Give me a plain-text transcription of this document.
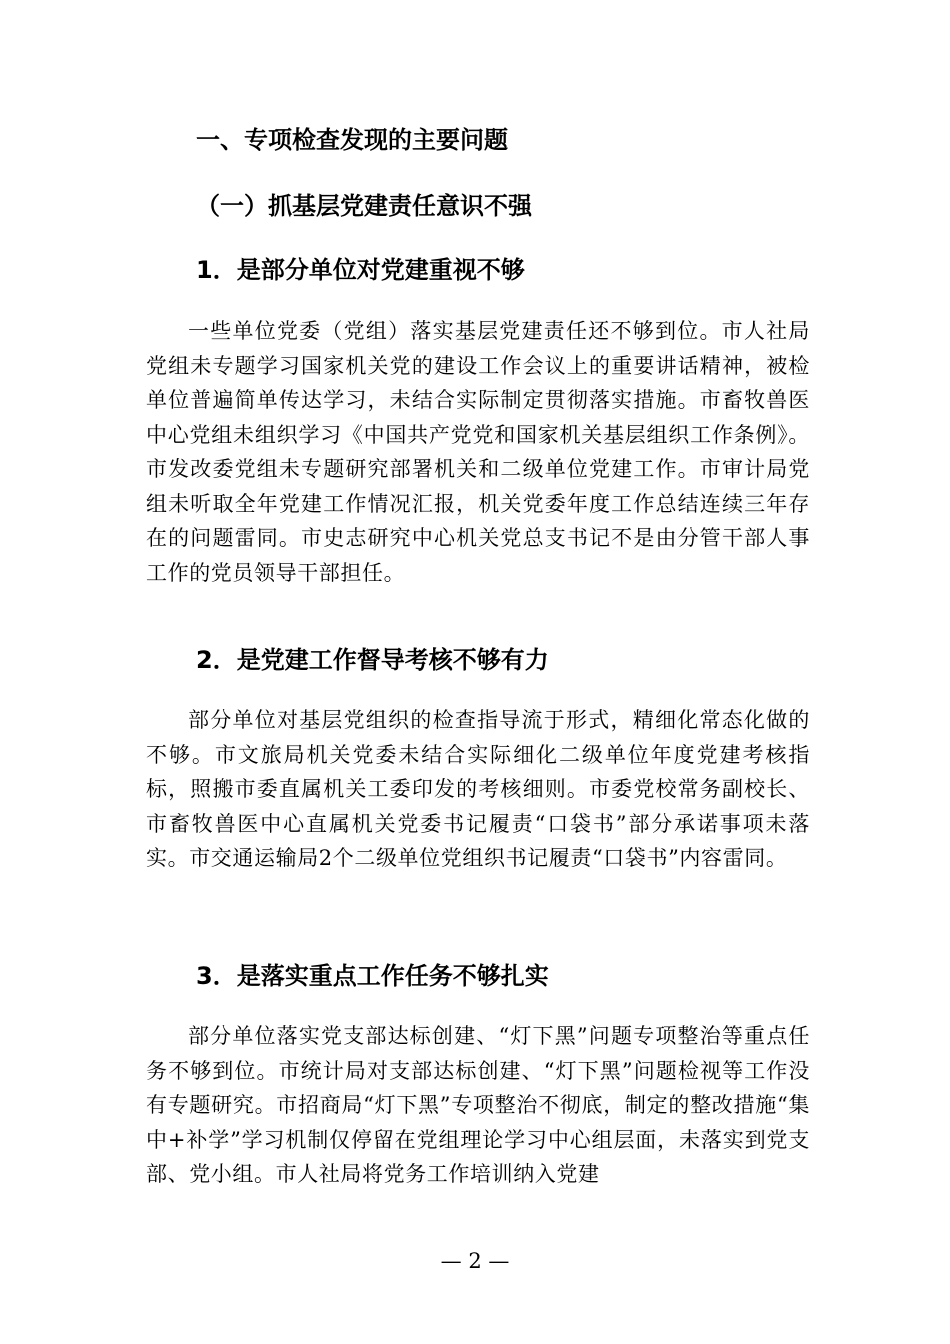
一、专项检查发现的主要问题
（一）抓基层党建责任意识不强
1．是部分单位对党建重视不够
一些单位党委（党组）落实基层党建责任还不够到位。市人社局党组未专题学习国家机关党的建设工作会议上的重要讲话精神，被检单位普遍简单传达学习，未结合实际制定贯彻落实措施。市畜牧兽医中心党组未组织学习《中国共产党党和国家机关基层组织工作条例》。市发改委党组未专题研究部署机关和二级单位党建工作。市审计局党组未听取全年党建工作情况汇报，机关党委年度工作总结连续三年存在的问题雷同。市史志研究中心机关党总支书记不是由分管干部人事工作的党员领导干部担任。
2．是党建工作督导考核不够有力
部分单位对基层党组织的检查指导流于形式，精细化常态化做的不够。市文旅局机关党委未结合实际细化二级单位年度党建考核指标，照搬市委直属机关工委印发的考核细则。市委党校常务副校长、市畜牧兽医中心直属机关党委书记履责“口袋书”部分承诺事项未落实。市交通运输局2个二级单位党组织书记履责“口袋书”内容雷同。
3．是落实重点工作任务不够扎实
部分单位落实党支部达标创建、“灯下黑”问题专项整治等重点任务不够到位。市统计局对支部达标创建、“灯下黑”问题检视等工作没有专题研究。市招商局“灯下黑”专项整治不彻底，制定的整改措施“集中+补学”学习机制仅停留在党组理论学习中心组层面，未落实到党支部、党小组。市人社局将党务工作培训纳入党建
— 2 —
